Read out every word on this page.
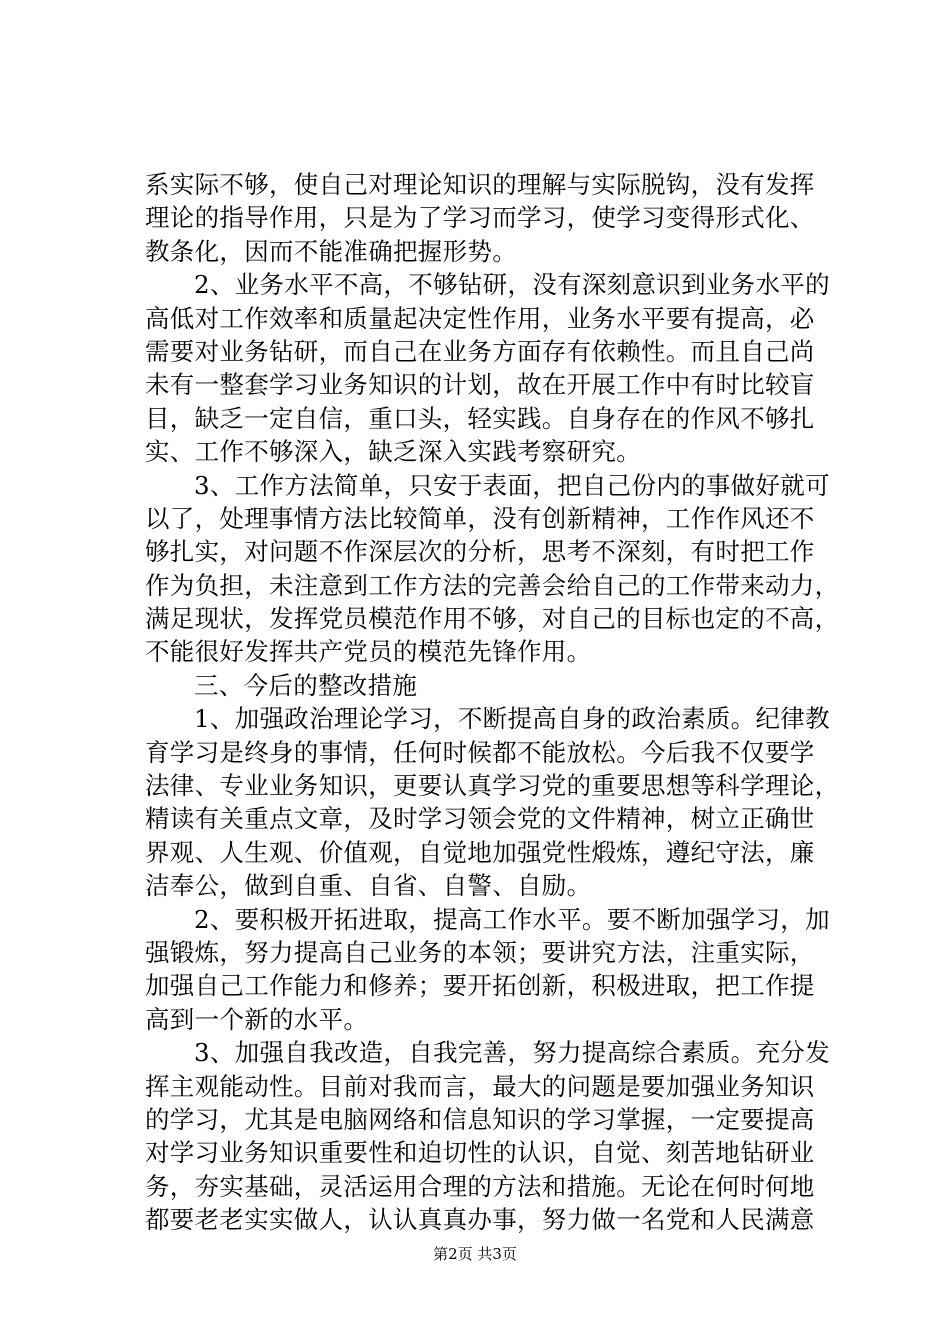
系实际不够，使自己对理论知识的理解与实际脱钩，没有发挥
理论的指导作用，只是为了学习而学习，使学习变得形式化、
教条化，因而不能准确把握形势。
2、业务水平不高，不够钻研，没有深刻意识到业务水平的
高低对工作效率和质量起决定性作用，业务水平要有提高，必
需要对业务钻研，而自己在业务方面存有依赖性。而且自己尚
未有一整套学习业务知识的计划，故在开展工作中有时比较盲
目，缺乏一定自信，重口头，轻实践。自身存在的作风不够扎
实、工作不够深入，缺乏深入实践考察研究。
3、工作方法简单，只安于表面，把自己份内的事做好就可
以了，处理事情方法比较简单，没有创新精神，工作作风还不
够扎实，对问题不作深层次的分析，思考不深刻，有时把工作
作为负担，未注意到工作方法的完善会给自己的工作带来动力，
满足现状，发挥党员模范作用不够，对自己的目标也定的不高，
不能很好发挥共产党员的模范先锋作用。
三、今后的整改措施
1、加强政治理论学习，不断提高自身的政治素质。纪律教
育学习是终身的事情，任何时候都不能放松。今后我不仅要学
法律、专业业务知识，更要认真学习党的重要思想等科学理论，
精读有关重点文章，及时学习领会党的文件精神，树立正确世
界观、人生观、价值观，自觉地加强党性煅炼，遵纪守法，廉
洁奉公，做到自重、自省、自警、自励。
2、要积极开拓进取，提高工作水平。要不断加强学习，加
强锻炼，努力提高自己业务的本领；要讲究方法，注重实际，
加强自己工作能力和修养；要开拓创新，积极进取，把工作提
高到一个新的水平。
3、加强自我改造，自我完善，努力提高综合素质。充分发
挥主观能动性。目前对我而言，最大的问题是要加强业务知识
的学习，尤其是电脑网络和信息知识的学习掌握，一定要提高
对学习业务知识重要性和迫切性的认识，自觉、刻苦地钻研业
务，夯实基础，灵活运用合理的方法和措施。无论在何时何地
都要老老实实做人，认认真真办事，努力做一名党和人民满意
第2页 共3页
